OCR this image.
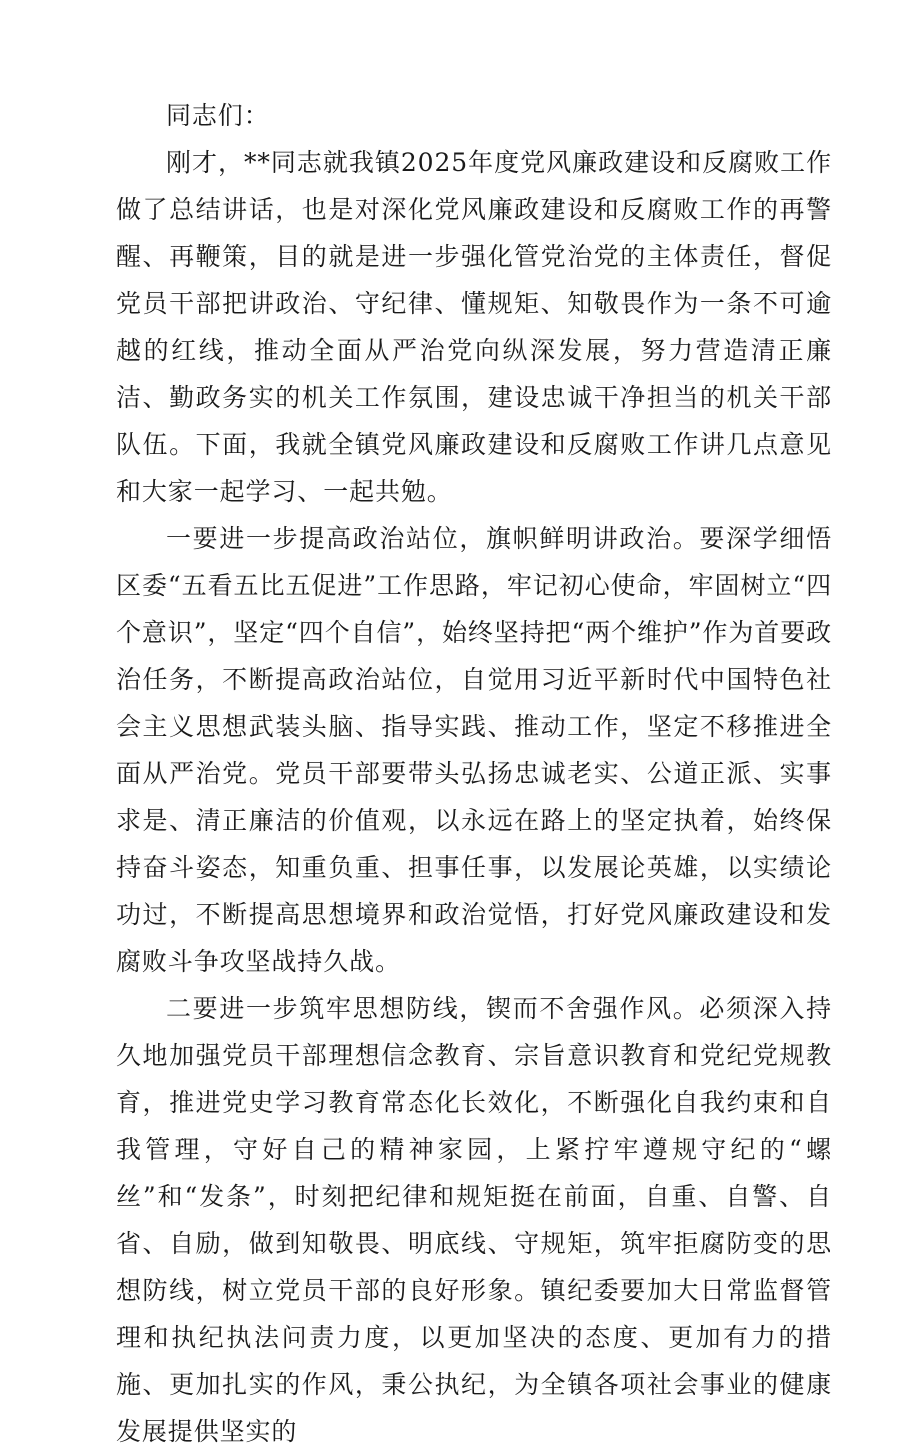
同志们：

刚才，**同志就我镇2025年度党风廉政建设和反腐败工作做了总结讲话，也是对深化党风廉政建设和反腐败工作的再警醒、再鞭策，目的就是进一步强化管党治党的主体责任，督促党员干部把讲政治、守纪律、懂规矩、知敬畏作为一条不可逾越的红线，推动全面从严治党向纵深发展，努力营造清正廉洁、勤政务实的机关工作氛围，建设忠诚干净担当的机关干部队伍。下面，我就全镇党风廉政建设和反腐败工作讲几点意见和大家一起学习、一起共勉。

一要进一步提高政治站位，旗帜鲜明讲政治。要深学细悟区委“五看五比五促进”工作思路，牢记初心使命，牢固树立“四个意识”，坚定“四个自信”，始终坚持把“两个维护”作为首要政治任务，不断提高政治站位，自觉用习近平新时代中国特色社会主义思想武装头脑、指导实践、推动工作，坚定不移推进全面从严治党。党员干部要带头弘扬忠诚老实、公道正派、实事求是、清正廉洁的价值观，以永远在路上的坚定执着，始终保持奋斗姿态，知重负重、担事任事，以发展论英雄，以实绩论功过，不断提高思想境界和政治觉悟，打好党风廉政建设和发腐败斗争攻坚战持久战。

二要进一步筑牢思想防线，锲而不舍强作风。必须深入持久地加强党员干部理想信念教育、宗旨意识教育和党纪党规教育，推进党史学习教育常态化长效化，不断强化自我约束和自我管理，守好自己的精神家园，上紧拧牢遵规守纪的“螺丝”和“发条”，时刻把纪律和规矩挺在前面，自重、自警、自省、自励，做到知敬畏、明底线、守规矩，筑牢拒腐防变的思想防线，树立党员干部的良好形象。镇纪委要加大日常监督管理和执纪执法问责力度，以更加坚决的态度、更加有力的措施、更加扎实的作风，秉公执纪，为全镇各项社会事业的健康发展提供坚实的
